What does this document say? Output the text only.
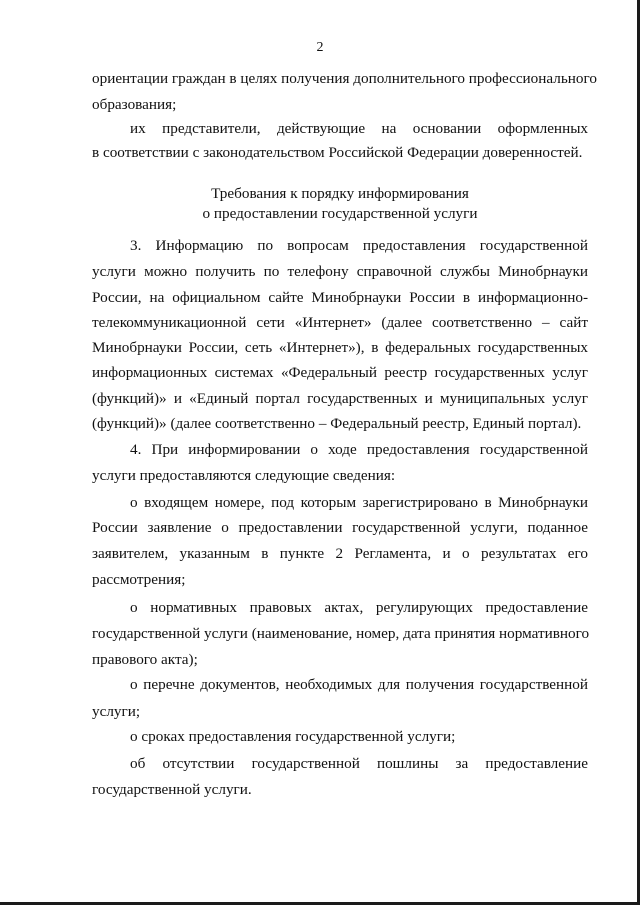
2
ориентации граждан в целях получения дополнительного профессионального
образования;
их представители, действующие на основании оформленных
в соответствии с законодательством Российской Федерации доверенностей.
Требования к порядку информирования
о предоставлении государственной услуги
3. Информацию по вопросам предоставления государственной
услуги можно получить по телефону справочной службы Минобрнауки
России, на официальном сайте Минобрнауки России в информационно-
телекоммуникационной сети «Интернет» (далее соответственно – сайт
Минобрнауки России, сеть «Интернет»), в федеральных государственных
информационных системах «Федеральный реестр государственных услуг
(функций)» и «Единый портал государственных и муниципальных услуг
(функций)» (далее соответственно – Федеральный реестр, Единый портал).
4. При информировании о ходе предоставления государственной
услуги предоставляются следующие сведения:
о входящем номере, под которым зарегистрировано в Минобрнауки
России заявление о предоставлении государственной услуги, поданное
заявителем, указанным в пункте 2 Регламента, и о результатах его
рассмотрения;
о нормативных правовых актах, регулирующих предоставление
государственной услуги (наименование, номер, дата принятия нормативного
правового акта);
о перечне документов, необходимых для получения государственной
услуги;
о сроках предоставления государственной услуги;
об отсутствии государственной пошлины за предоставление
государственной услуги.
